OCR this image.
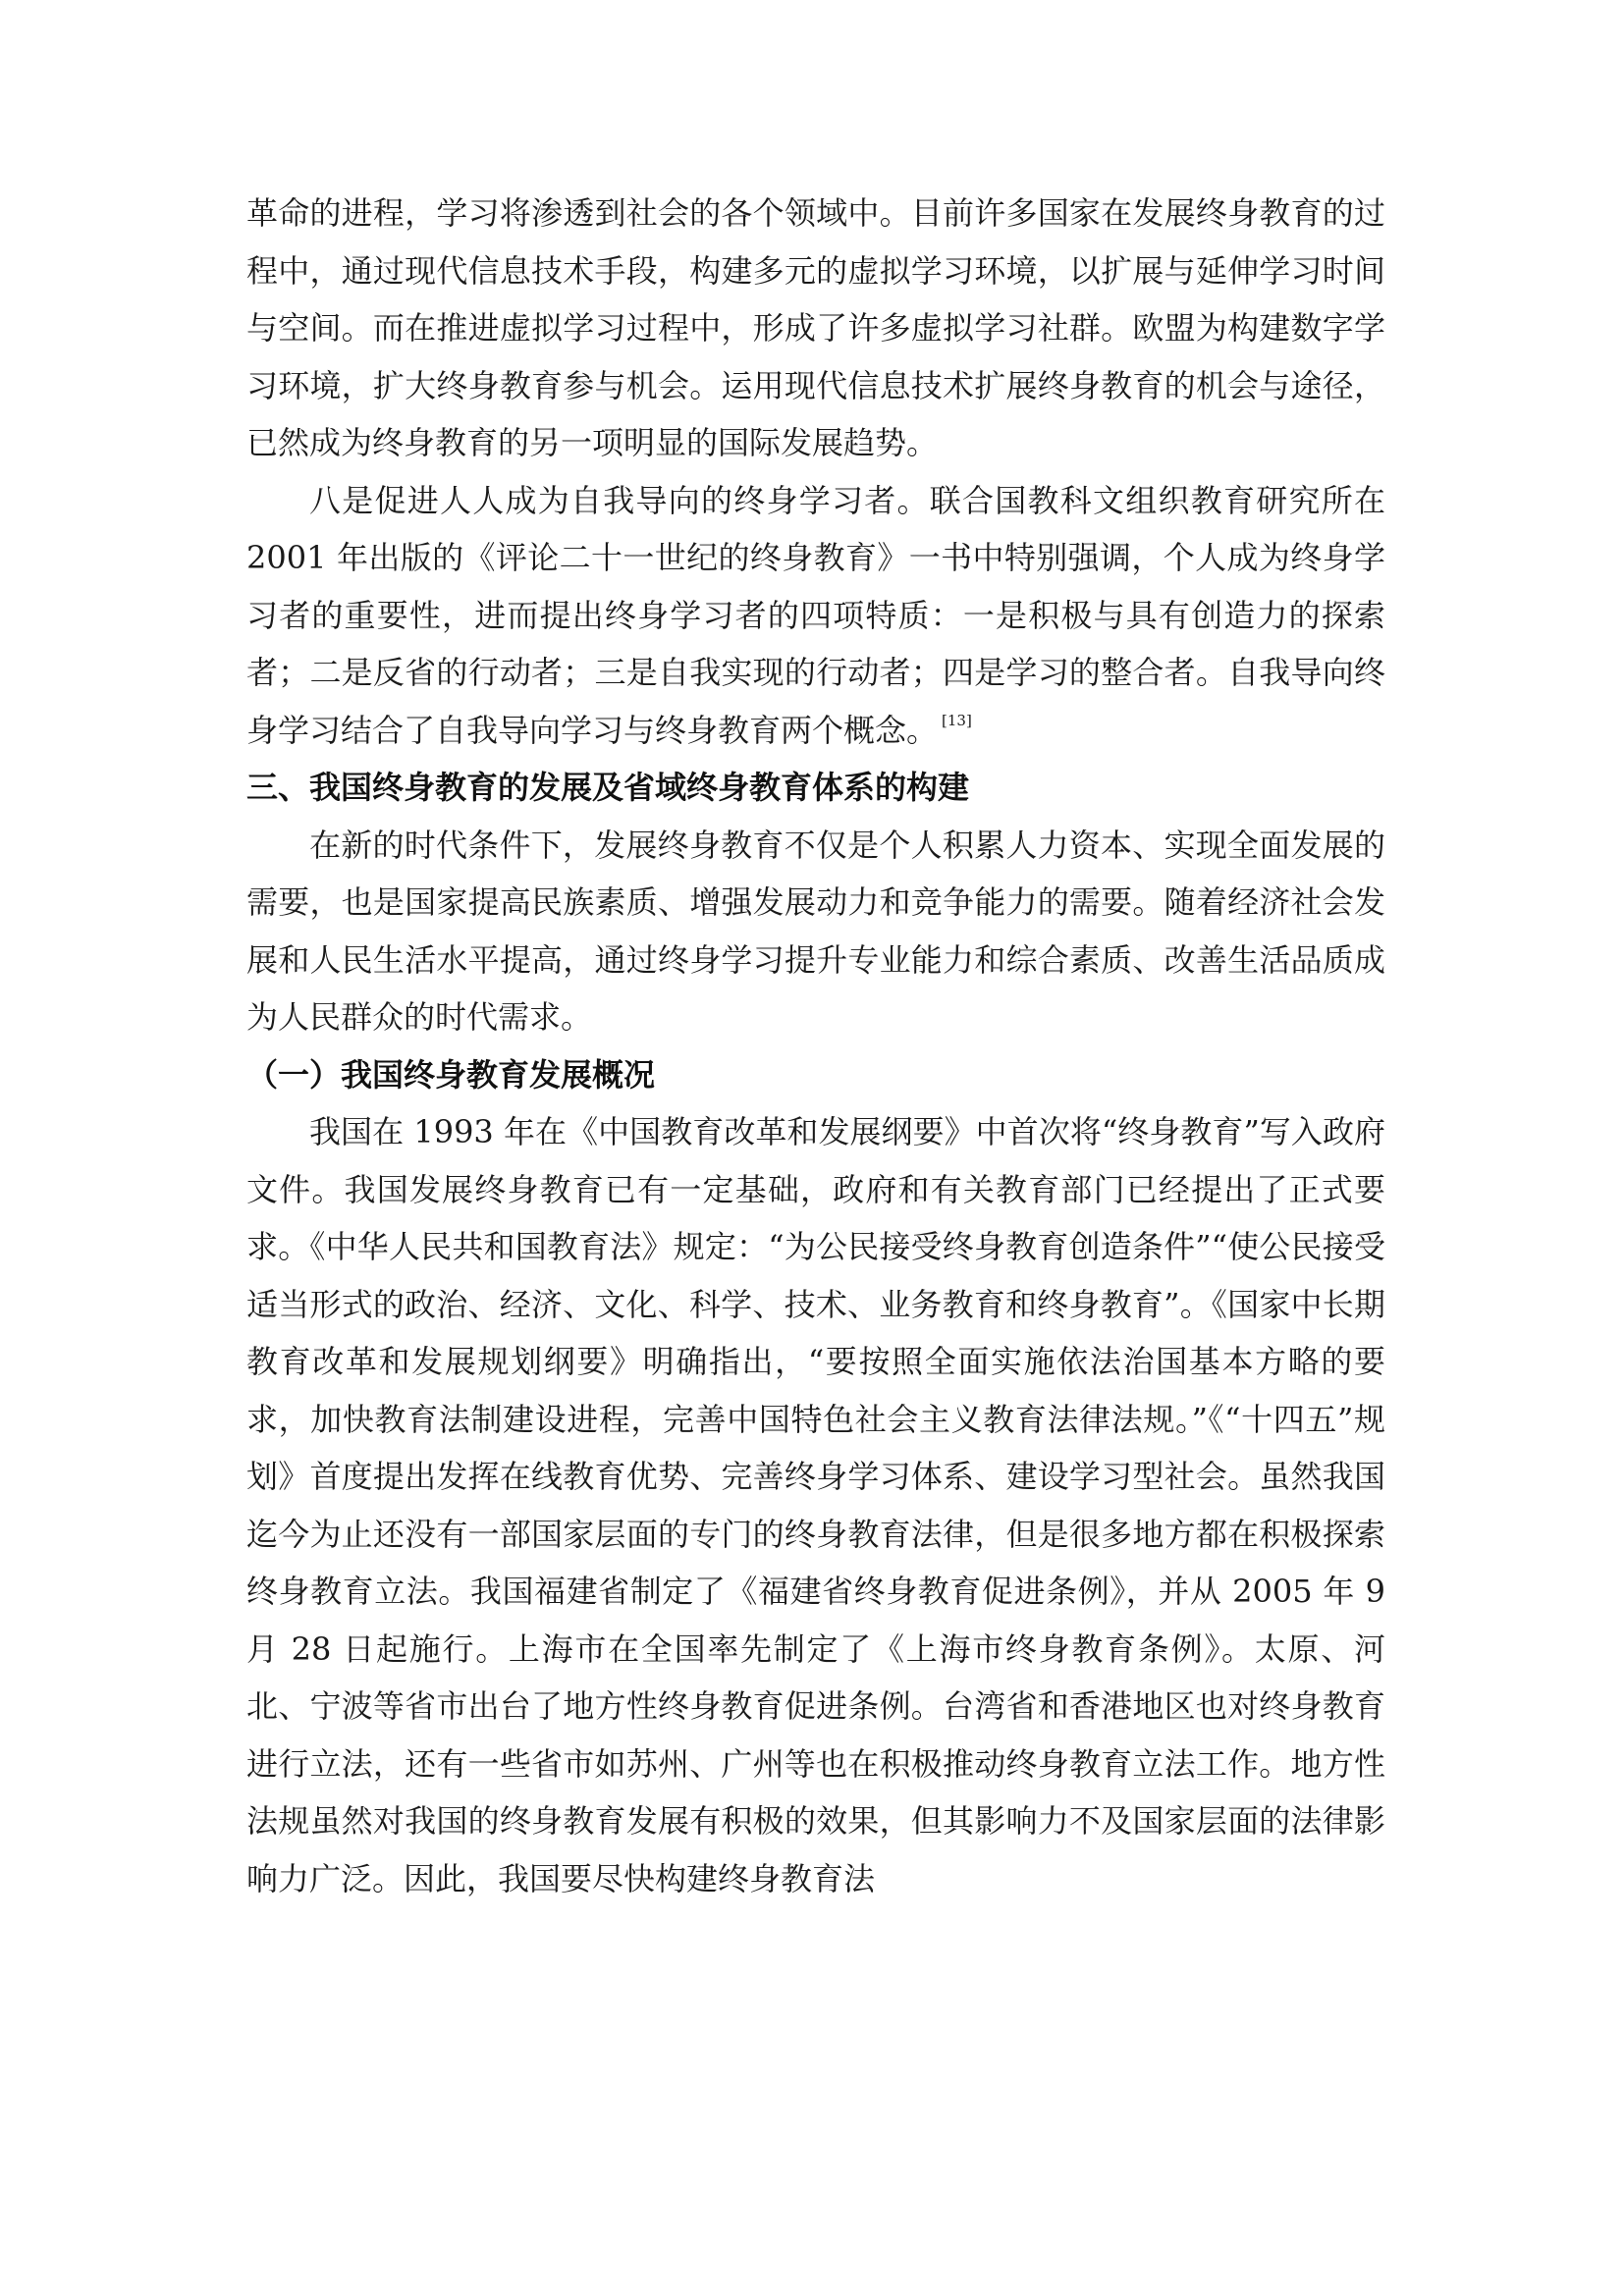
革命的进程，学习将渗透到社会的各个领域中。目前许多国家在发展终身教育的过程中，通过现代信息技术手段，构建多元的虚拟学习环境，以扩展与延伸学习时间与空间。而在推进虚拟学习过程中，形成了许多虚拟学习社群。欧盟为构建数字学习环境，扩大终身教育参与机会。运用现代信息技术扩展终身教育的机会与途径，已然成为终身教育的另一项明显的国际发展趋势。

八是促进人人成为自我导向的终身学习者。联合国教科文组织教育研究所在 2001 年出版的《评论二十一世纪的终身教育》一书中特别强调，个人成为终身学习者的重要性，进而提出终身学习者的四项特质：一是积极与具有创造力的探索者；二是反省的行动者；三是自我实现的行动者；四是学习的整合者。自我导向终身学习结合了自我导向学习与终身教育两个概念。 [13]

三、我国终身教育的发展及省域终身教育体系的构建

在新的时代条件下，发展终身教育不仅是个人积累人力资本、实现全面发展的需要，也是国家提高民族素质、增强发展动力和竞争能力的需要。随着经济社会发展和人民生活水平提高，通过终身学习提升专业能力和综合素质、改善生活品质成为人民群众的时代需求。

（一）我国终身教育发展概况

我国在 1993 年在《中国教育改革和发展纲要》中首次将“终身教育”写入政府文件。我国发展终身教育已有一定基础，政府和有关教育部门已经提出了正式要求。《中华人民共和国教育法》规定：“为公民接受终身教育创造条件”“使公民接受适当形式的政治、经济、文化、科学、技术、业务教育和终身教育”。《国家中长期教育改革和发展规划纲要》明确指出，“要按照全面实施依法治国基本方略的要求，加快教育法制建设进程，完善中国特色社会主义教育法律法规。”《“十四五”规划》首度提出发挥在线教育优势、完善终身学习体系、建设学习型社会。虽然我国迄今为止还没有一部国家层面的专门的终身教育法律，但是很多地方都在积极探索终身教育立法。我国福建省制定了《福建省终身教育促进条例》，并从 2005 年 9 月 28 日起施行。上海市在全国率先制定了《上海市终身教育条例》。太原、河北、宁波等省市出台了地方性终身教育促进条例。台湾省和香港地区也对终身教育进行立法，还有一些省市如苏州、广州等也在积极推动终身教育立法工作。地方性法规虽然对我国的终身教育发展有积极的效果，但其影响力不及国家层面的法律影响力广泛。因此，我国要尽快构建终身教育法
